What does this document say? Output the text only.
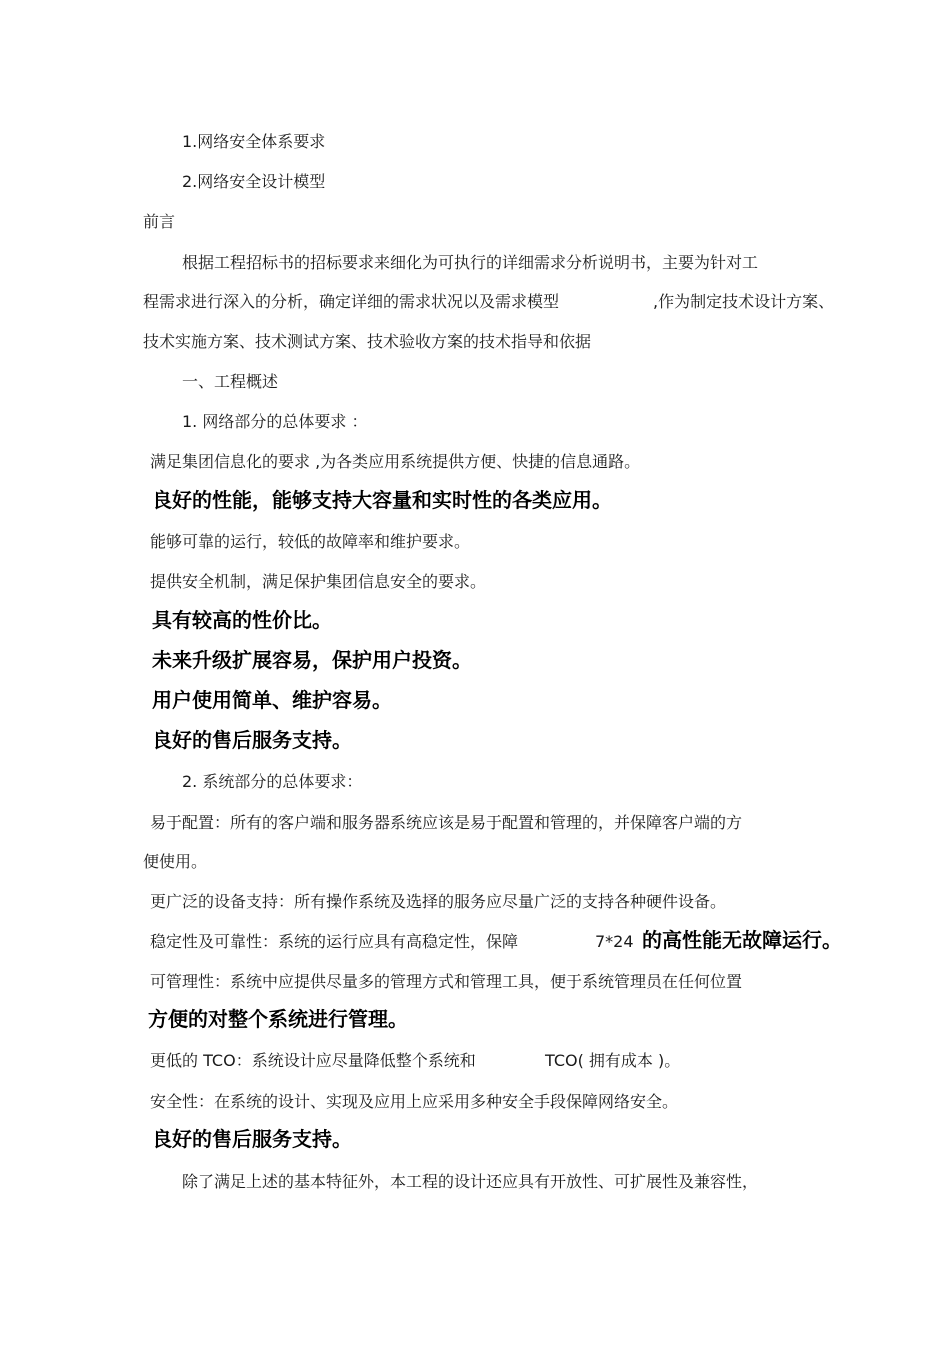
1.网络安全体系要求
2.网络安全设计模型
前言
根据工程招标书的招标要求来细化为可执行的详细需求分析说明书，主要为针对工
程需求进行深入的分析，确定详细的需求状况以及需求模型	,作为制定技术设计方案、
技术实施方案、技术测试方案、技术验收方案的技术指导和依据
一、工程概述
1. 网络部分的总体要求 ：
满足集团信息化的要求 ,为各类应用系统提供方便、快捷的信息通路。
良好的性能，能够支持大容量和实时性的各类应用。
能够可靠的运行，较低的故障率和维护要求。
提供安全机制，满足保护集团信息安全的要求。
具有较高的性价比。
未来升级扩展容易，保护用户投资。
用户使用简单、维护容易。
良好的售后服务支持。
2. 系统部分的总体要求：
易于配置：所有的客户端和服务器系统应该是易于配置和管理的，并保障客户端的方
便使用。
更广泛的设备支持：所有操作系统及选择的服务应尽量广泛的支持各种硬件设备。
稳定性及可靠性：系统的运行应具有高稳定性，保障	7*24 的高性能无故障运行。
可管理性：系统中应提供尽量多的管理方式和管理工具，便于系统管理员在任何位置
方便的对整个系统进行管理。
更低的 TCO：系统设计应尽量降低整个系统和	TCO( 拥有成本 )。
安全性：在系统的设计、实现及应用上应采用多种安全手段保障网络安全。
良好的售后服务支持。
除了满足上述的基本特征外，本工程的设计还应具有开放性、可扩展性及兼容性，
